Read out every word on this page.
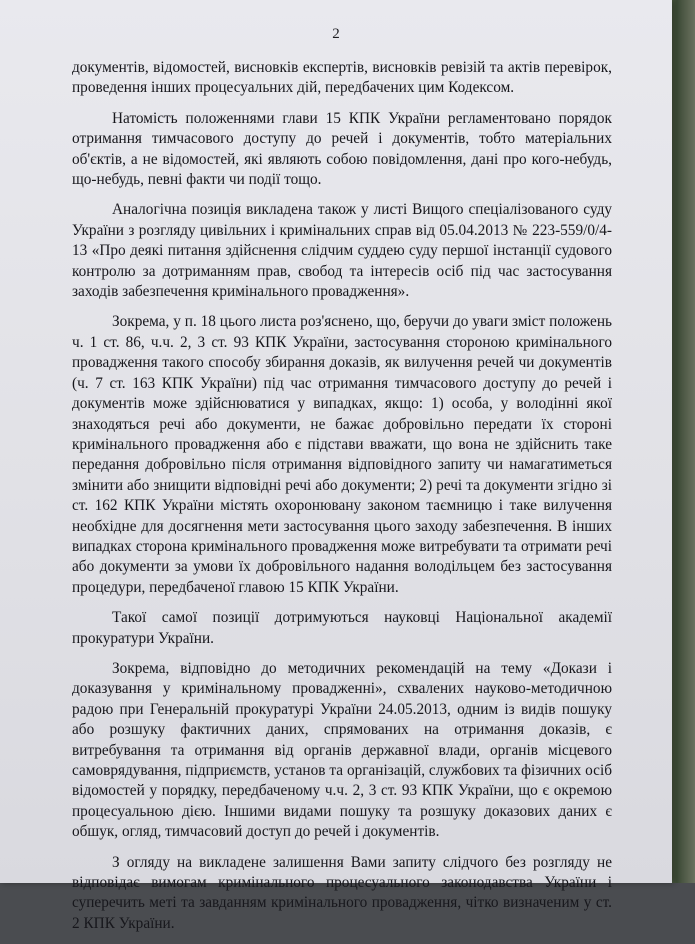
2

документів, відомостей, висновків експертів, висновків ревізій та актів перевірок, проведення інших процесуальних дій, передбачених цим Кодексом.

Натомість положеннями глави 15 КПК України регламентовано порядок отримання тимчасового доступу до речей і документів, тобто матеріальних об'єктів, а не відомостей, які являють собою повідомлення, дані про кого-небудь, що-небудь, певні факти чи події тощо.

Аналогічна позиція викладена також у листі Вищого спеціалізованого суду України з розгляду цивільних і кримінальних справ від 05.04.2013 № 223-559/0/4-13 «Про деякі питання здійснення слідчим суддею суду першої інстанції судового контролю за дотриманням прав, свобод та інтересів осіб під час застосування заходів забезпечення кримінального провадження».

Зокрема, у п. 18 цього листа роз'яснено, що, беручи до уваги зміст положень ч. 1 ст. 86, ч.ч. 2, 3 ст. 93 КПК України, застосування стороною кримінального провадження такого способу збирання доказів, як вилучення речей чи документів (ч. 7 ст. 163 КПК України) під час отримання тимчасового доступу до речей і документів може здійснюватися у випадках, якщо: 1) особа, у володінні якої знаходяться речі або документи, не бажає добровільно передати їх стороні кримінального провадження або є підстави вважати, що вона не здійснить таке передання добровільно після отримання відповідного запиту чи намагатиметься змінити або знищити відповідні речі або документи; 2) речі та документи згідно зі ст. 162 КПК України містять охоронювану законом таємницю і таке вилучення необхідне для досягнення мети застосування цього заходу забезпечення. В інших випадках сторона кримінального провадження може витребувати та отримати речі або документи за умови їх добровільного надання володільцем без застосування процедури, передбаченої главою 15 КПК України.

Такої самої позиції дотримуються науковці Національної академії прокуратури України.

Зокрема, відповідно до методичних рекомендацій на тему «Докази і доказування у кримінальному провадженні», схвалених науково-методичною радою при Генеральній прокуратурі України 24.05.2013, одним із видів пошуку або розшуку фактичних даних, спрямованих на отримання доказів, є витребування та отримання від органів державної влади, органів місцевого самоврядування, підприємств, установ та організацій, службових та фізичних осіб відомостей у порядку, передбаченому ч.ч. 2, 3 ст. 93 КПК України, що є окремою процесуальною дією. Іншими видами пошуку та розшуку доказових даних є обшук, огляд, тимчасовий доступ до речей і документів.

З огляду на викладене залишення Вами запиту слідчого без розгляду не відповідає вимогам кримінального процесуального законодавства України і суперечить меті та завданням кримінального провадження, чітко визначеним у ст. 2 КПК України.
